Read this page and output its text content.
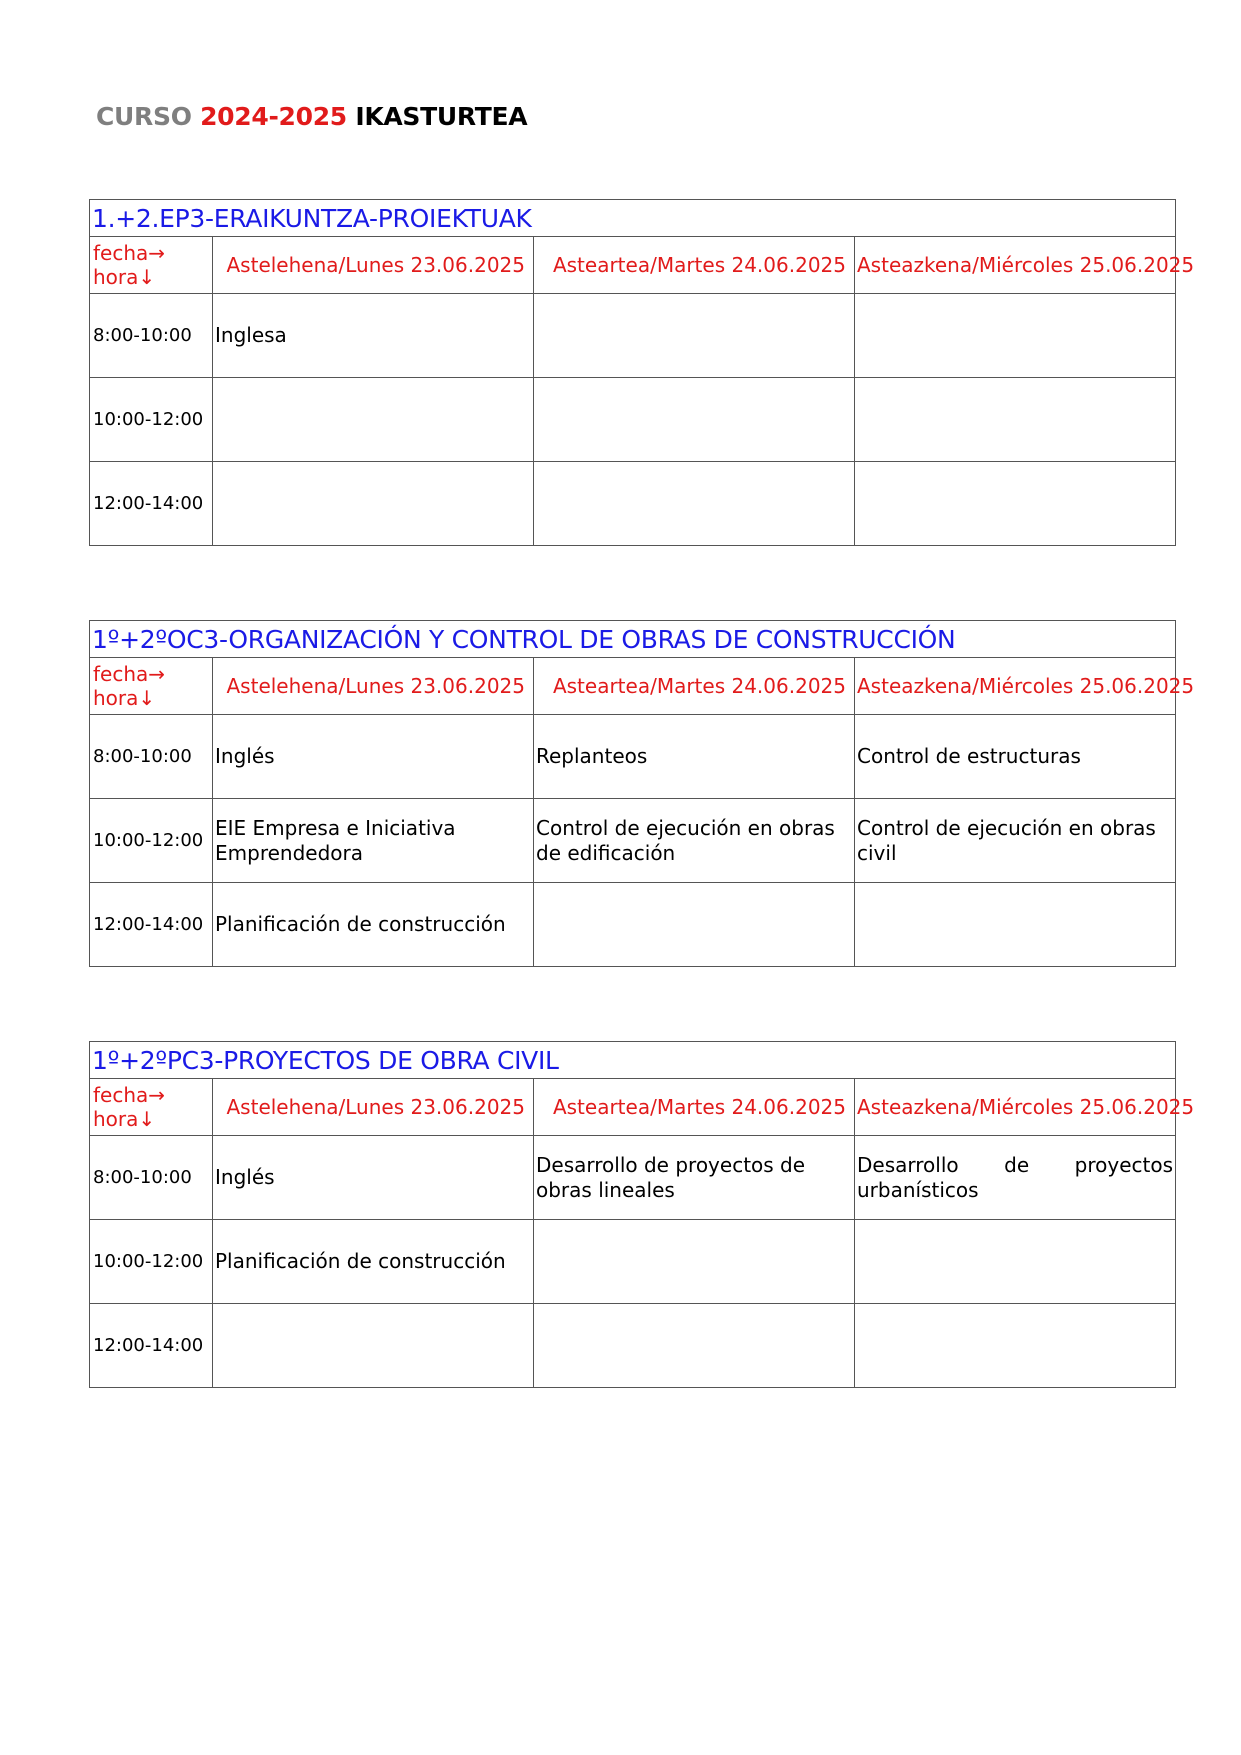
CURSO 2024-2025 IKASTURTEA
1.+2.EP3-ERAIKUNTZA-PROIEKTUAK			

fecha→
hora↓	Astelehena/Lunes 23.06.2025	Asteartea/Martes 24.06.2025	Asteazkena/Miércoles 25.06.2025
8:00-10:00	Inglesa		
10:00-12:00			
12:00-14:00			
1º+2ºOC3-ORGANIZACIÓN Y CONTROL DE OBRAS DE CONSTRUCCIÓN			

fecha→
hora↓	Astelehena/Lunes 23.06.2025	Asteartea/Martes 24.06.2025	Asteazkena/Miércoles 25.06.2025
8:00-10:00	Inglés	Replanteos	Control de estructuras
10:00-12:00	EIE Empresa e Iniciativa Emprendedora	Control de ejecución en obras de edificación	Control de ejecución en obras civil
12:00-14:00	Planificación de construcción		
1º+2ºPC3-PROYECTOS DE OBRA CIVIL			

fecha→
hora↓	Astelehena/Lunes 23.06.2025	Asteartea/Martes 24.06.2025	Asteazkena/Miércoles 25.06.2025
8:00-10:00	Inglés	Desarrollo de proyectos de obras lineales	Desarrollo de proyectos urbanísticos
10:00-12:00	Planificación de construcción		
12:00-14:00			
